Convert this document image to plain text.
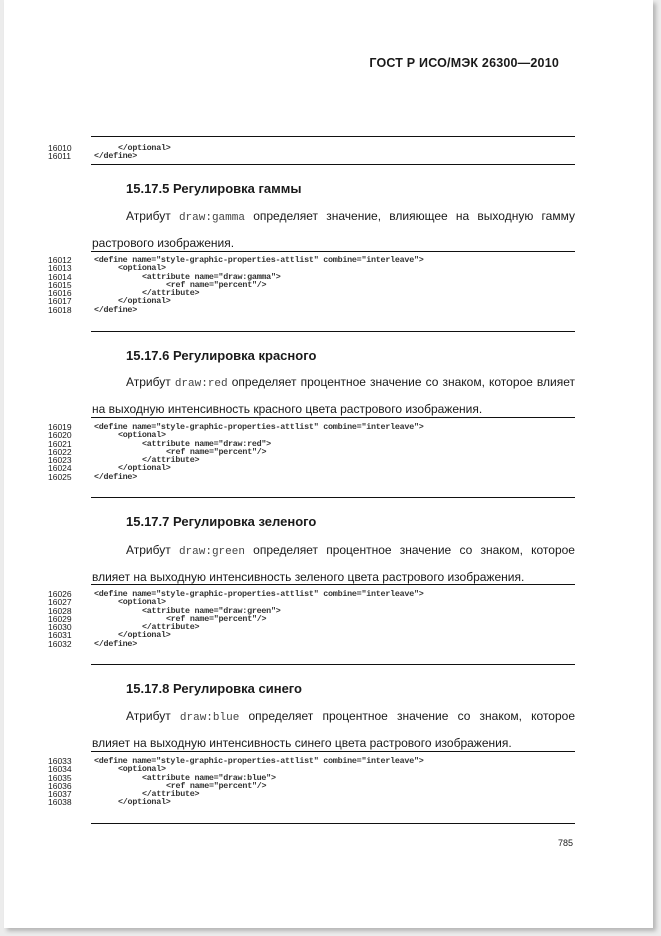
ГОСТ Р ИСО/МЭК 26300—2010
16010	</optional>
16011	</define>
15.17.5 Регулировка гаммы
Атрибут draw:gamma определяет значение, влияющее на выходную гамму растрового изображения.
16012	<define name="style-graphic-properties-attlist" combine="interleave">
16013	<optional>
16014	<attribute name="draw:gamma">
16015	<ref name="percent"/>
16016	</attribute>
16017	</optional>
16018	</define>
15.17.6 Регулировка красного
Атрибут draw:red определяет процентное значение со знаком, которое влияет на выходную интенсивность красного цвета растрового изображения.
16019	<define name="style-graphic-properties-attlist" combine="interleave">
16020	<optional>
16021	<attribute name="draw:red">
16022	<ref name="percent"/>
16023	</attribute>
16024	</optional>
16025	</define>
15.17.7 Регулировка зеленого
Атрибут draw:green определяет процентное значение со знаком, которое влияет на выходную интенсивность зеленого цвета растрового изображения.
16026	<define name="style-graphic-properties-attlist" combine="interleave">
16027	<optional>
16028	<attribute name="draw:green">
16029	<ref name="percent"/>
16030	</attribute>
16031	</optional>
16032	</define>
15.17.8 Регулировка синего
Атрибут draw:blue определяет процентное значение со знаком, которое влияет на выходную интенсивность синего цвета растрового изображения.
16033	<define name="style-graphic-properties-attlist" combine="interleave">
16034	<optional>
16035	<attribute name="draw:blue">
16036	<ref name="percent"/>
16037	</attribute>
16038	</optional>
785
